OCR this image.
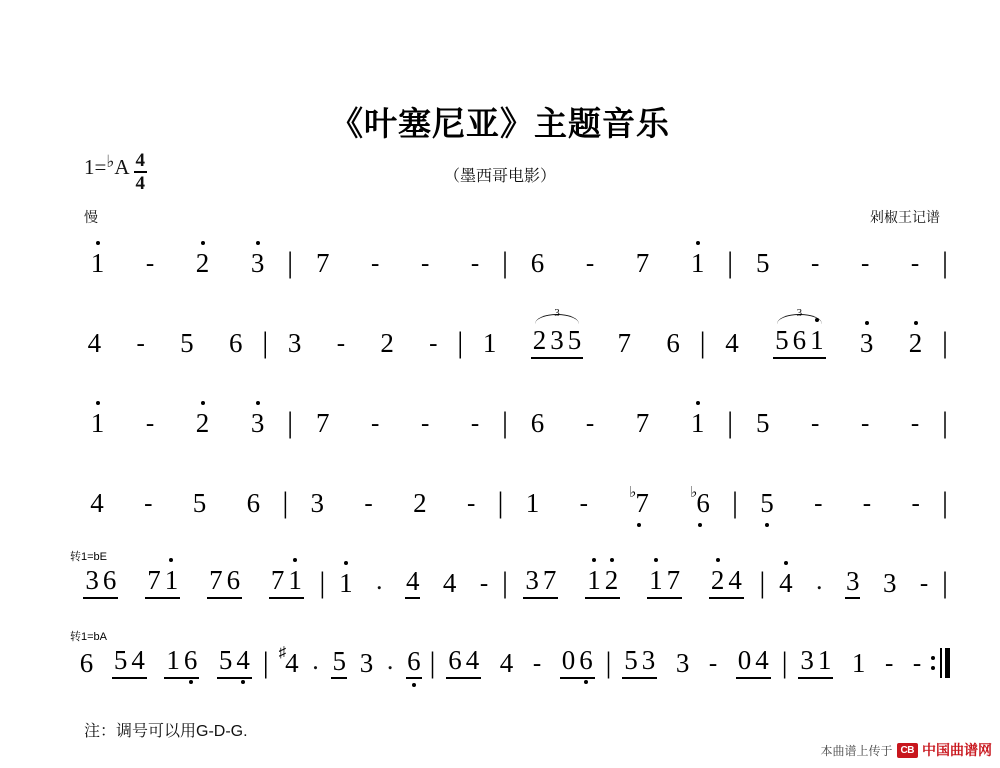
《叶塞尼亚》主题音乐
（墨西哥电影）
1= ♭ A $\frac{4}{4}$
慢	剁椒王记谱
1 - 2 3 | 7 - - - | 6 - 7 1 | 5 - - - |
4 - 5 6 | 3 - 2 - | 1
3
2 3 5 7 6 | 4
3
5 6 1 3 2 |
1 - 2 3 | 7 - - - | 6 - 7 1 | 5 - - - |
4 - 5 6 | 3 - 2 - | 1 -	♭7	♭6 | 5 - - - |
转1=bE
3 6 7 1 7 6 7 1 | 1 . 4 4 - | 3 7 1 2 1 7 2 4 | 4 . 3 3 - |
转1=bA
6 5 4 1 6 5 4 | ♯4 . 5 3 . 6 | 6 4 4 - 0 6 | 5 3 3 - 0 4 | 3 1 1 - -
注：调号可以用G-D-G.
本曲谱上传于 CB 中国曲谱网
